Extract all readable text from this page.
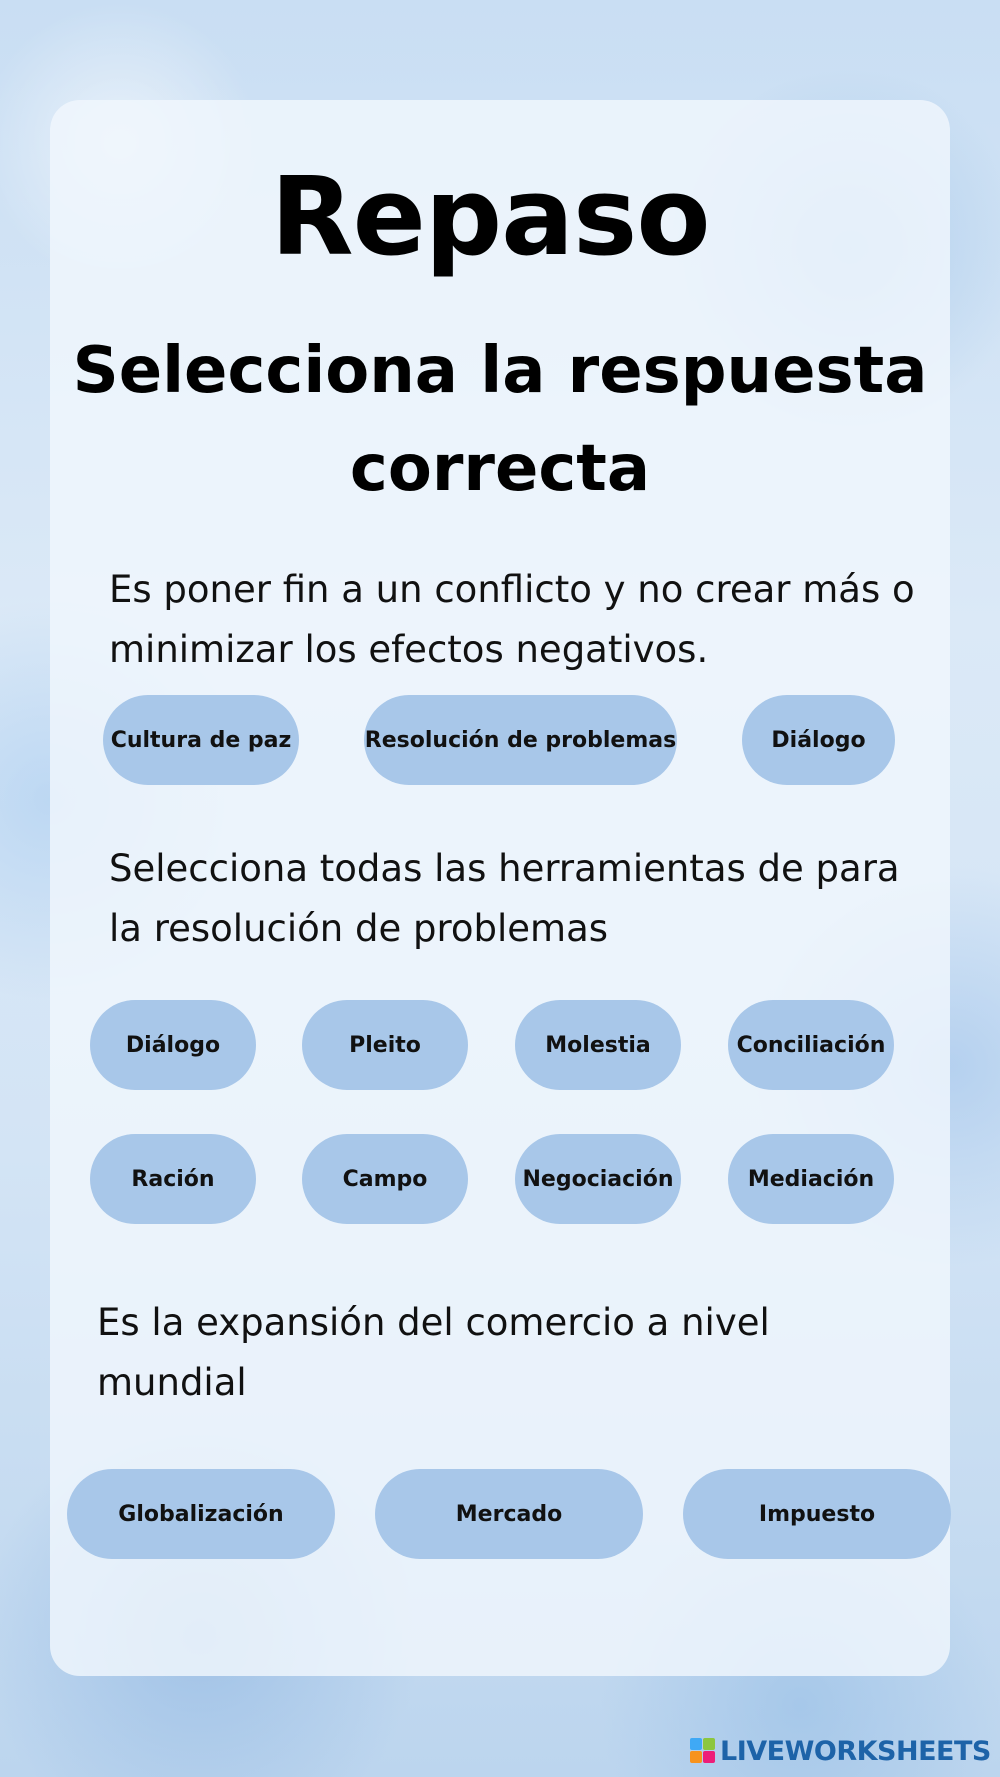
Repaso
Selecciona la respuesta correcta
Es poner fin a un conflicto y no crear más o minimizar los efectos negativos.
Cultura de paz	Resolución de problemas	Diálogo
Selecciona todas las herramientas de para la resolución de problemas
Diálogo	Pleito	Molestia	Conciliación
Ración	Campo	Negociación	Mediación
Es la expansión del comercio a nivel mundial
Globalización	Mercado	Impuesto
LIVEWORKSHEETS
